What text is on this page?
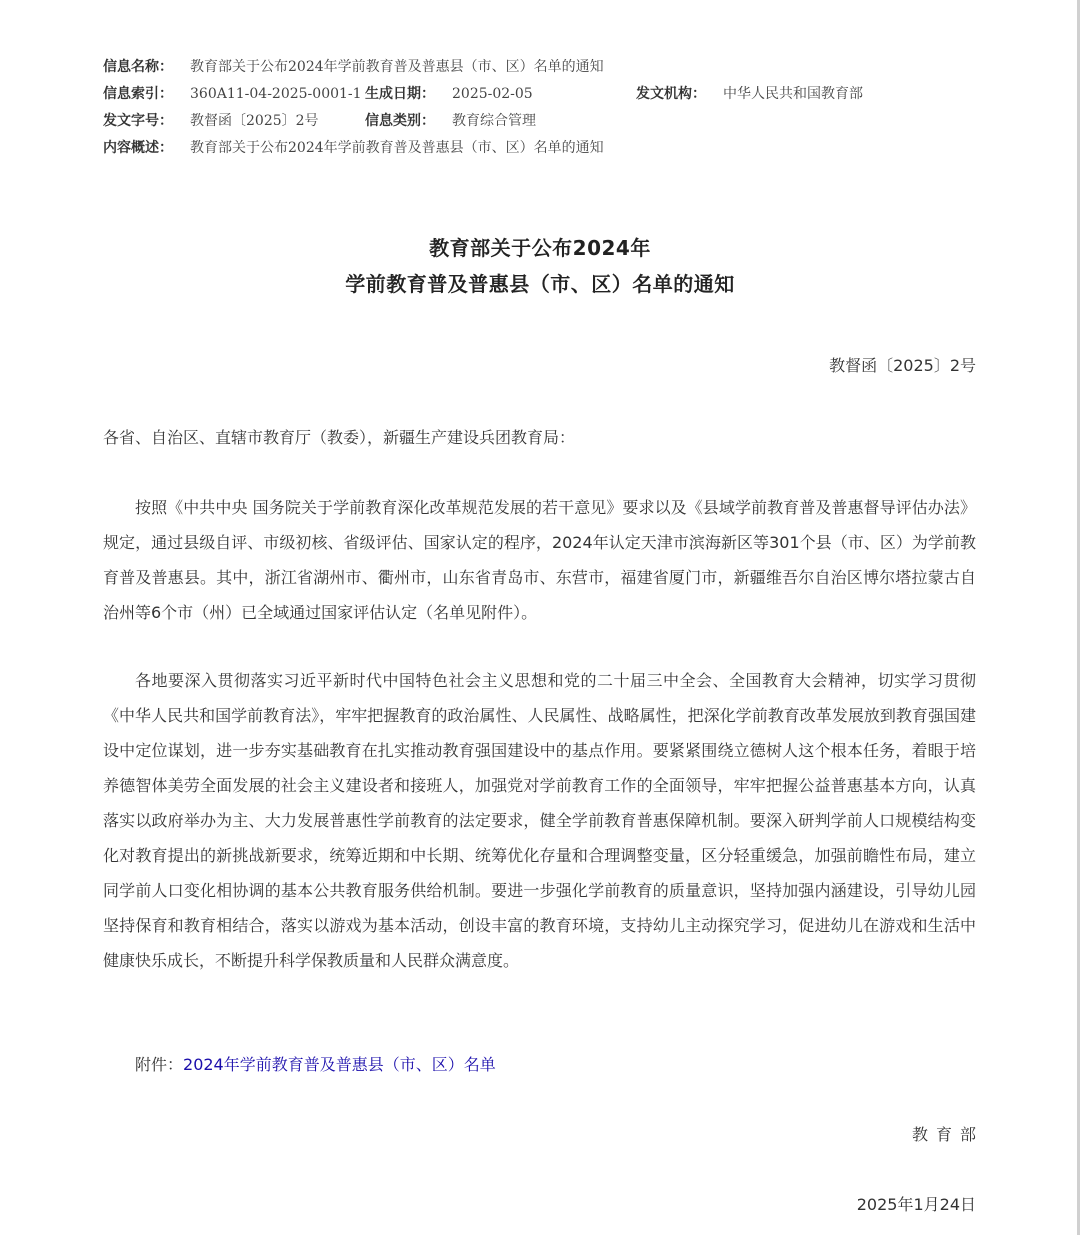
信息名称： 教育部关于公布2024年学前教育普及普惠县（市、区）名单的通知
信息索引： 360A11-04-2025-0001-1 生成日期： 2025-02-05	发文机构： 中华人民共和国教育部
发文字号： 教督函〔2025〕2号	信息类别： 教育综合管理
内容概述： 教育部关于公布2024年学前教育普及普惠县（市、区）名单的通知
教育部关于公布2024年
学前教育普及普惠县（市、区）名单的通知
教督函〔2025〕2号
各省、自治区、直辖市教育厅（教委），新疆生产建设兵团教育局：
按照《中共中央 国务院关于学前教育深化改革规范发展的若干意见》要求以及《县域学前教育普及普惠督导评估办法》规定，通过县级自评、市级初核、省级评估、国家认定的程序，2024年认定天津市滨海新区等301个县（市、区）为学前教育普及普惠县。其中，浙江省湖州市、衢州市，山东省青岛市、东营市，福建省厦门市，新疆维吾尔自治区博尔塔拉蒙古自治州等6个市（州）已全域通过国家评估认定（名单见附件）。
各地要深入贯彻落实习近平新时代中国特色社会主义思想和党的二十届三中全会、全国教育大会精神，切实学习贯彻《中华人民共和国学前教育法》，牢牢把握教育的政治属性、人民属性、战略属性，把深化学前教育改革发展放到教育强国建设中定位谋划，进一步夯实基础教育在扎实推动教育强国建设中的基点作用。要紧紧围绕立德树人这个根本任务，着眼于培养德智体美劳全面发展的社会主义建设者和接班人，加强党对学前教育工作的全面领导，牢牢把握公益普惠基本方向，认真落实以政府举办为主、大力发展普惠性学前教育的法定要求，健全学前教育普惠保障机制。要深入研判学前人口规模结构变化对教育提出的新挑战新要求，统筹近期和中长期、统筹优化存量和合理调整变量，区分轻重缓急，加强前瞻性布局，建立同学前人口变化相协调的基本公共教育服务供给机制。要进一步强化学前教育的质量意识，坚持加强内涵建设，引导幼儿园坚持保育和教育相结合，落实以游戏为基本活动，创设丰富的教育环境，支持幼儿主动探究学习，促进幼儿在游戏和生活中健康快乐成长，不断提升科学保教质量和人民群众满意度。
附件：2024年学前教育普及普惠县（市、区）名单
教育部
2025年1月24日
